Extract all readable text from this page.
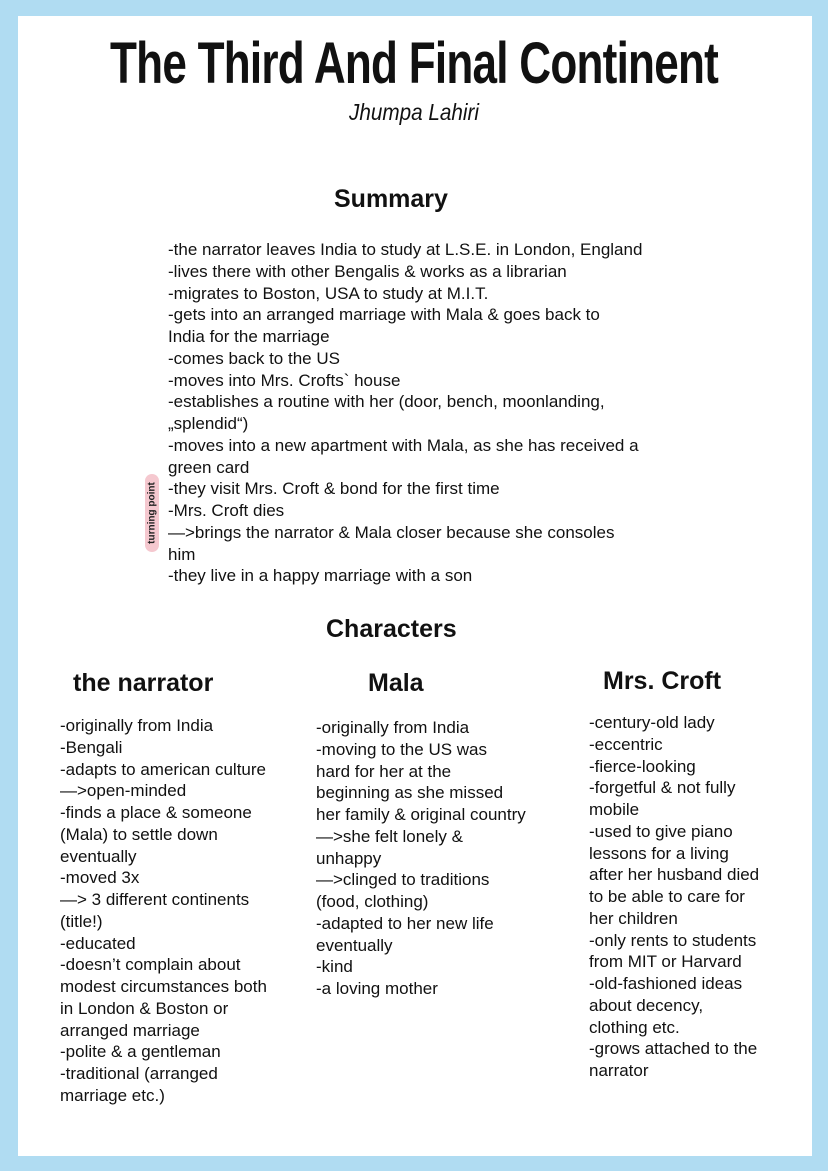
The Third And Final Continent
Jhumpa Lahiri
Summary
-the narrator leaves India to study at L.S.E. in London, England
-lives there with other Bengalis & works as a librarian
-migrates to Boston, USA to study at M.I.T.
-gets into an arranged marriage with Mala & goes back to
India for the marriage
-comes back to the US
-moves into Mrs. Crofts` house
-establishes a routine with her (door, bench, moonlanding,
„splendid“)
-moves into a new apartment with Mala, as she has received a
green card
-they visit Mrs. Croft & bond for the first time
-Mrs. Croft dies
—>brings the narrator & Mala closer because she consoles
him
-they live in a happy marriage with a son
turning point
Characters
the narrator	Mala	Mrs. Croft
-originally from India
-Bengali
-adapts to american culture
—>open-minded
-finds a place & someone
(Mala) to settle down
eventually
-moved 3x
—> 3 different continents
(title!)
-educated
-doesn’t complain about
modest circumstances both
in London & Boston or
arranged marriage
-polite & a gentleman
-traditional (arranged
marriage etc.)
-originally from India
-moving to the US was
hard for her at the
beginning as she missed
her family & original country
—>she felt lonely &
unhappy
—>clinged to traditions
(food, clothing)
-adapted to her new life
eventually
-kind
-a loving mother
-century-old lady
-eccentric
-fierce-looking
-forgetful & not fully
mobile
-used to give piano
lessons for a living
after her husband died
to be able to care for
her children
-only rents to students
from MIT or Harvard
-old-fashioned ideas
about decency,
clothing etc.
-grows attached to the
narrator
